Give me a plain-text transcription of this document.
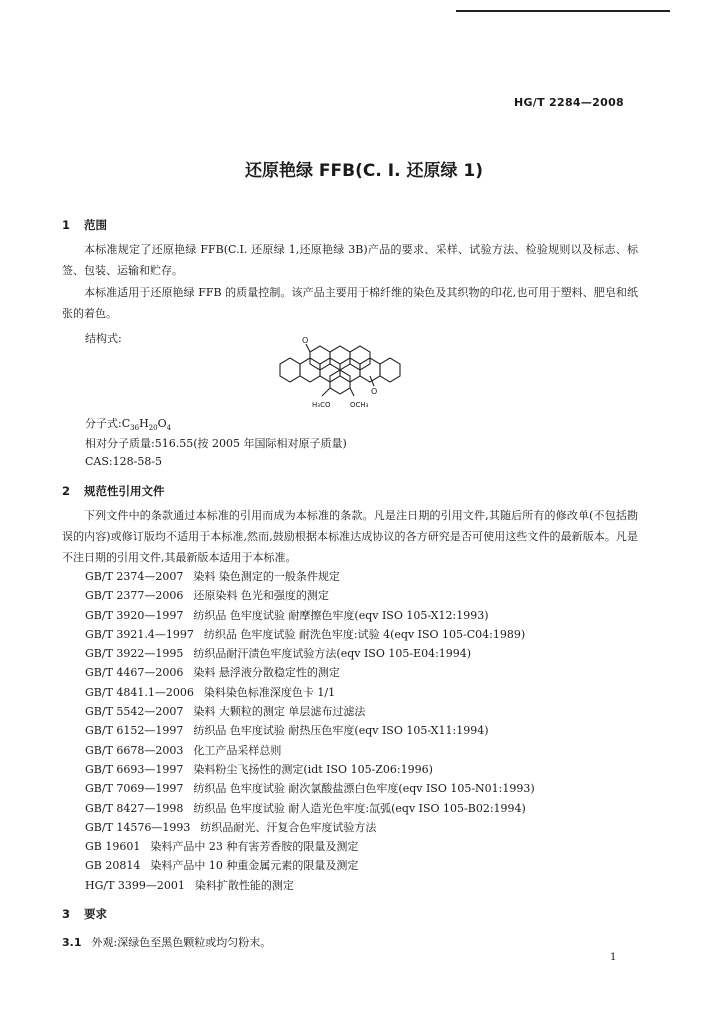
HG/T 2284—2008
还原艳绿 FFB(C. I. 还原绿 1)
1 范围
本标准规定了还原艳绿 FFB(C.I. 还原绿 1,还原艳绿 3B)产品的要求、采样、试验方法、检验规则以及标志、标签、包装、运输和贮存。
本标准适用于还原艳绿 FFB 的质量控制。该产品主要用于棉纤维的染色及其织物的印花,也可用于塑料、肥皂和纸张的着色。
结构式:	O
O
H₃CO	OCH₃
分子式$:C_{36}H_{20}O_4$
相对分子质量:516.55(按 2005 年国际相对原子质量)
CAS:128-58-5
2 规范性引用文件
下列文件中的条款通过本标准的引用而成为本标准的条款。凡是注日期的引用文件,其随后所有的修改单(不包括勘误的内容)或修订版均不适用于本标准,然而,鼓励根据本标准达成协议的各方研究是否可使用这些文件的最新版本。凡是不注日期的引用文件,其最新版本适用于本标准。
GB/T 2374—2007 染料 染色测定的一般条件规定
GB/T 2377—2006 还原染料 色光和强度的测定
GB/T 3920—1997 纺织品 色牢度试验 耐摩擦色牢度(eqv ISO 105-X12:1993)
GB/T 3921.4—1997 纺织品 色牢度试验 耐洗色牢度:试验 4(eqv ISO 105-C04:1989)
GB/T 3922—1995 纺织品耐汗渍色牢度试验方法(eqv ISO 105-E04:1994)
GB/T 4467—2006 染料 悬浮液分散稳定性的测定
GB/T 4841.1—2006 染料染色标准深度色卡 1/1
GB/T 5542—2007 染料 大颗粒的测定 单层滤布过滤法
GB/T 6152—1997 纺织品 色牢度试验 耐热压色牢度(eqv ISO 105-X11:1994)
GB/T 6678—2003 化工产品采样总则
GB/T 6693—1997 染料粉尘飞扬性的测定(idt ISO 105-Z06:1996)
GB/T 7069—1997 纺织品 色牢度试验 耐次氯酸盐漂白色牢度(eqv ISO 105-N01:1993)
GB/T 8427—1998 纺织品 色牢度试验 耐人造光色牢度:氙弧(eqv ISO 105-B02:1994)
GB/T 14576—1993 纺织品耐光、汗复合色牢度试验方法
GB 19601 染料产品中 23 种有害芳香胺的限量及测定
GB 20814 染料产品中 10 种重金属元素的限量及测定
HG/T 3399—2001 染料扩散性能的测定
3 要求
3.1 外观:深绿色至黑色颗粒或均匀粉末。
1
